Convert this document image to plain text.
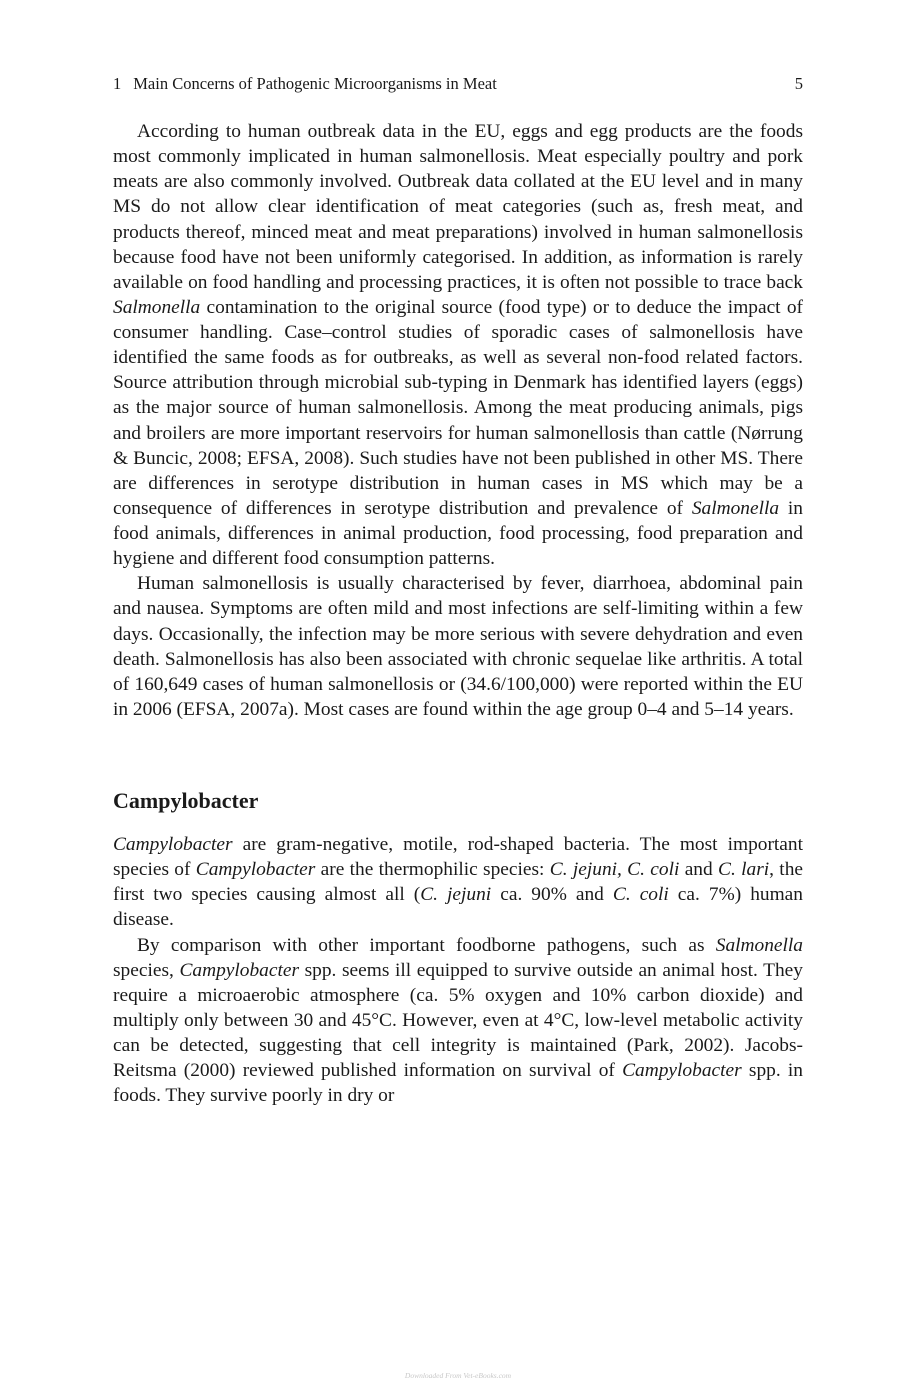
1 Main Concerns of Pathogenic Microorganisms in Meat	5

According to human outbreak data in the EU, eggs and egg products are the foods most commonly implicated in human salmonellosis. Meat especially poultry and pork meats are also commonly involved. Outbreak data collated at the EU level and in many MS do not allow clear identification of meat categories (such as, fresh meat, and products thereof, minced meat and meat preparations) involved in human salmonellosis because food have not been uniformly categorised. In addition, as information is rarely available on food handling and processing practices, it is often not possible to trace back Salmonella contamination to the original source (food type) or to deduce the impact of consumer handling. Case–control studies of sporadic cases of salmonellosis have identified the same foods as for outbreaks, as well as several non-food related factors. Source attribution through microbial sub-typing in Denmark has identified layers (eggs) as the major source of human salmonellosis. Among the meat producing animals, pigs and broilers are more important reservoirs for human salmonellosis than cattle (Nørrung & Buncic, 2008; EFSA, 2008). Such studies have not been published in other MS. There are differences in serotype distribution in human cases in MS which may be a consequence of differences in serotype distribution and prevalence of Salmonella in food animals, differences in animal production, food processing, food preparation and hygiene and different food consumption patterns.

Human salmonellosis is usually characterised by fever, diarrhoea, abdominal pain and nausea. Symptoms are often mild and most infections are self-limiting within a few days. Occasionally, the infection may be more serious with severe dehydration and even death. Salmonellosis has also been associated with chronic sequelae like arthritis. A total of 160,649 cases of human salmonellosis or (34.6/100,000) were reported within the EU in 2006 (EFSA, 2007a). Most cases are found within the age group 0–4 and 5–14 years.

Campylobacter

Campylobacter are gram-negative, motile, rod-shaped bacteria. The most important species of Campylobacter are the thermophilic species: C. jejuni, C. coli and C. lari, the first two species causing almost all (C. jejuni ca. 90% and C. coli ca. 7%) human disease.

By comparison with other important foodborne pathogens, such as Salmonella species, Campylobacter spp. seems ill equipped to survive outside an animal host. They require a microaerobic atmosphere (ca. 5% oxygen and 10% carbon dioxide) and multiply only between 30 and 45°C. However, even at 4°C, low-level metabolic activity can be detected, suggesting that cell integrity is maintained (Park, 2002). Jacobs-Reitsma (2000) reviewed published information on survival of Campylobacter spp. in foods. They survive poorly in dry or

Downloaded From Vet-eBooks.com
